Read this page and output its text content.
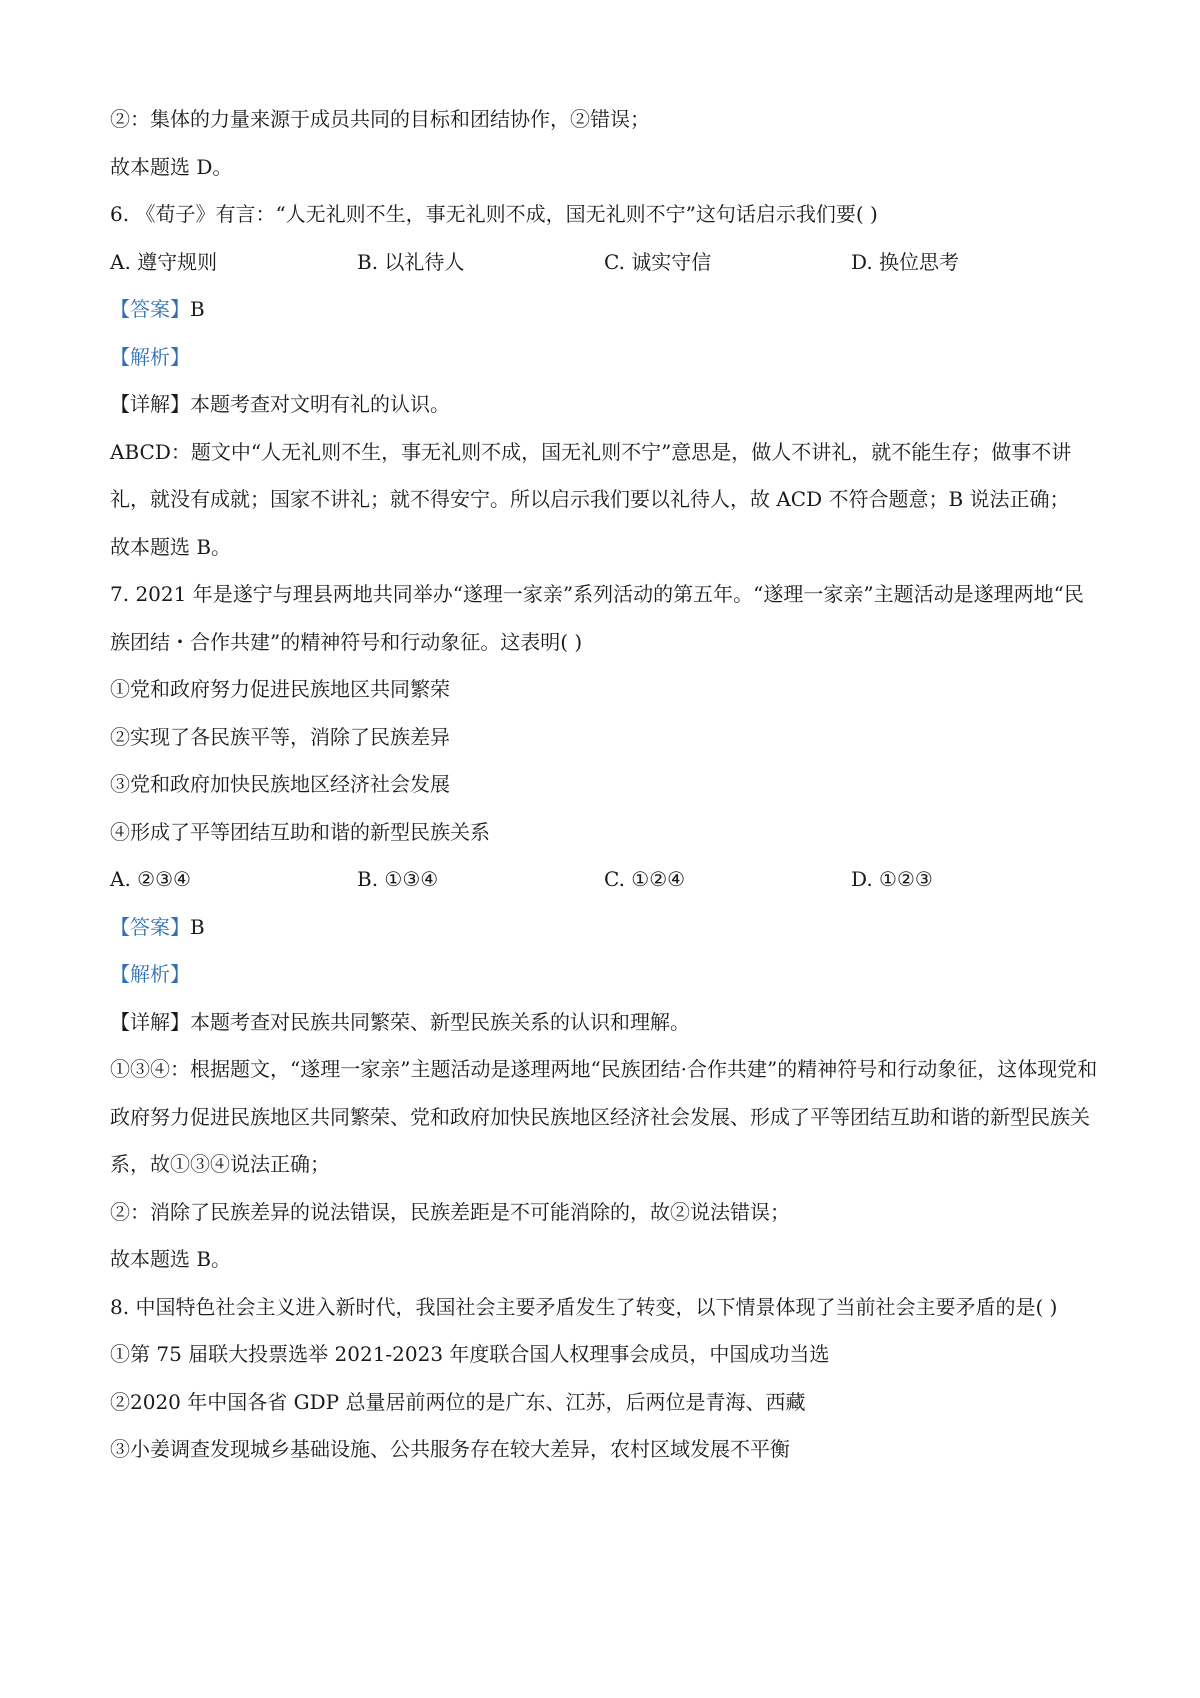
②：集体的力量来源于成员共同的目标和团结协作，②错误；
故本题选 D。
6. 《荀子》有言：“人无礼则不生，事无礼则不成，国无礼则不宁”这句话启示我们要( )
A. 遵守规则	B. 以礼待人	C. 诚实守信	D. 换位思考
【答案】B
【解析】
【详解】本题考查对文明有礼的认识。
ABCD：题文中“人无礼则不生，事无礼则不成，国无礼则不宁”意思是，做人不讲礼，就不能生存；做事不讲礼，就没有成就；国家不讲礼；就不得安宁。所以启示我们要以礼待人，故 ACD 不符合题意；B 说法正确；
故本题选 B。
7. 2021 年是遂宁与理县两地共同举办“遂理一家亲”系列活动的第五年。“遂理一家亲”主题活动是遂理两地“民族团结・合作共建”的精神符号和行动象征。这表明( )
①党和政府努力促进民族地区共同繁荣
②实现了各民族平等，消除了民族差异
③党和政府加快民族地区经济社会发展
④形成了平等团结互助和谐的新型民族关系
A. ②③④	B. ①③④	C. ①②④	D. ①②③
【答案】B
【解析】
【详解】本题考查对民族共同繁荣、新型民族关系的认识和理解。
①③④：根据题文，“遂理一家亲”主题活动是遂理两地“民族团结·合作共建”的精神符号和行动象征，这体现党和政府努力促进民族地区共同繁荣、党和政府加快民族地区经济社会发展、形成了平等团结互助和谐的新型民族关系，故①③④说法正确；
②：消除了民族差异的说法错误，民族差距是不可能消除的，故②说法错误；
故本题选 B。
8. 中国特色社会主义进入新时代，我国社会主要矛盾发生了转变，以下情景体现了当前社会主要矛盾的是( )
①第 75 届联大投票选举 2021-2023 年度联合国人权理事会成员，中国成功当选
②2020 年中国各省 GDP 总量居前两位的是广东、江苏，后两位是青海、西藏
③小姜调查发现城乡基础设施、公共服务存在较大差异，农村区域发展不平衡
